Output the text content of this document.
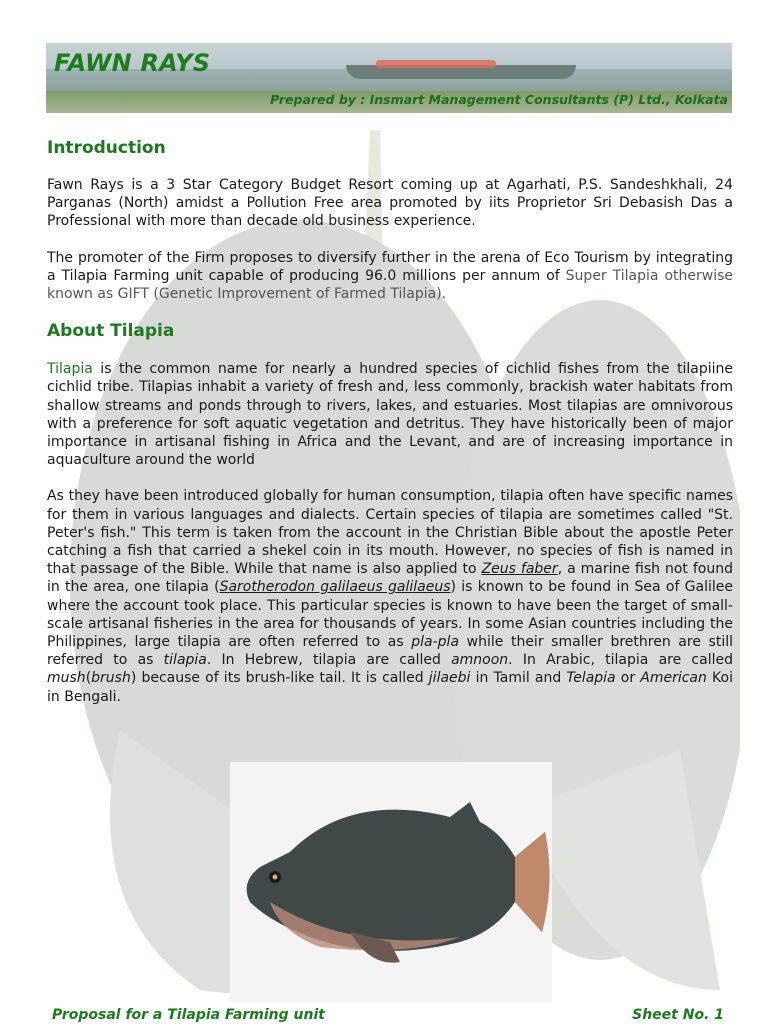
FAWN RAYS

Prepared by : Insmart Management Consultants (P) Ltd., Kolkata

Introduction

Fawn Rays is a 3 Star Category Budget Resort coming up at Agarhati, P.S. Sandeshkhali, 24 Parganas (North) amidst a Pollution Free area promoted by iits Proprietor Sri Debasish Das a Professional with more than decade old business experience.

The promoter of the Firm proposes to diversify further in the arena of Eco Tourism by integrating a Tilapia Farming unit capable of producing 96.0 millions per annum of Super Tilapia otherwise known as GIFT (Genetic Improvement of Farmed Tilapia).

About Tilapia

Tilapia is the common name for nearly a hundred species of cichlid fishes from the tilapiine cichlid tribe. Tilapias inhabit a variety of fresh and, less commonly, brackish water habitats from shallow streams and ponds through to rivers, lakes, and estuaries. Most tilapias are omnivorous with a preference for soft aquatic vegetation and detritus. They have historically been of major importance in artisanal fishing in Africa and the Levant, and are of increasing importance in aquaculture around the world

As they have been introduced globally for human consumption, tilapia often have specific names for them in various languages and dialects. Certain species of tilapia are sometimes called "St. Peter's fish." This term is taken from the account in the Christian Bible about the apostle Peter catching a fish that carried a shekel coin in its mouth. However, no species of fish is named in that passage of the Bible. While that name is also applied to Zeus faber, a marine fish not found in the area, one tilapia (Sarotherodon galilaeus galilaeus) is known to be found in Sea of Galilee where the account took place. This particular species is known to have been the target of small-scale artisanal fisheries in the area for thousands of years. In some Asian countries including the Philippines, large tilapia are often referred to as pla-pla while their smaller brethren are still referred to as tilapia. In Hebrew, tilapia are called amnoon. In Arabic, tilapia are called mush(brush) because of its brush-like tail. It is called jilaebi in Tamil and Telapia or American Koi in Bengali.

Proposal for a Tilapia Farming unit	Sheet No. 1
